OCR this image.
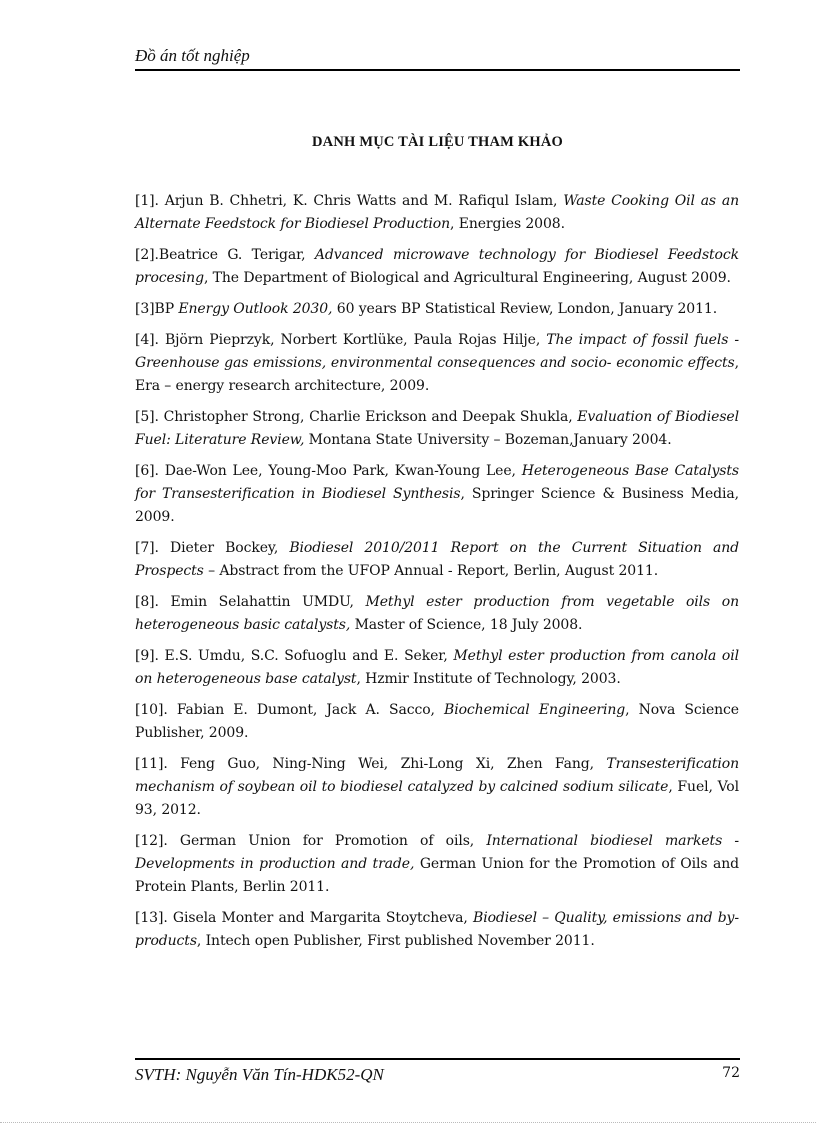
Đồ án tốt nghiệp
DANH MỤC TÀI LIỆU THAM KHẢO

[1]. Arjun B. Chhetri, K. Chris Watts and M. Rafiqul Islam, Waste Cooking Oil as an Alternate Feedstock for Biodiesel Production, Energies 2008.

[2].Beatrice G. Terigar, Advanced microwave technology for Biodiesel Feedstock procesing, The Department of Biological and Agricultural Engineering, August 2009.

[3]BP Energy Outlook 2030, 60 years BP Statistical Review, London, January 2011.

[4]. Björn Pieprzyk, Norbert Kortlüke, Paula Rojas Hilje, The impact of fossil fuels - Greenhouse gas emissions, environmental consequences and socio- economic effects, Era – energy research architecture, 2009.

[5]. Christopher Strong, Charlie Erickson and Deepak Shukla, Evaluation of Biodiesel Fuel: Literature Review, Montana State University – Bozeman,January 2004.

[6]. Dae-Won Lee, Young-Moo Park, Kwan-Young Lee, Heterogeneous Base Catalysts for Transesterification in Biodiesel Synthesis, Springer Science & Business Media, 2009.

[7]. Dieter Bockey, Biodiesel 2010/2011 Report on the Current Situation and Prospects – Abstract from the UFOP Annual - Report, Berlin, August 2011.

[8]. Emin Selahattin UMDU, Methyl ester production from vegetable oils on heterogeneous basic catalysts, Master of Science, 18 July 2008.

[9]. E.S. Umdu, S.C. Sofuoglu and E. Seker, Methyl ester production from canola oil on heterogeneous base catalyst, Hzmir Institute of Technology, 2003.

[10]. Fabian E. Dumont, Jack A. Sacco, Biochemical Engineering, Nova Science Publisher, 2009.

[11]. Feng Guo, Ning-Ning Wei, Zhi-Long Xi, Zhen Fang, Transesterification mechanism of soybean oil to biodiesel catalyzed by calcined sodium silicate, Fuel, Vol 93, 2012.

[12]. German Union for Promotion of oils, International biodiesel markets - Developments in production and trade, German Union for the Promotion of Oils and Protein Plants, Berlin 2011.

[13]. Gisela Monter and Margarita Stoytcheva, Biodiesel – Quality, emissions and by-products, Intech open Publisher, First published November 2011.

SVTH: Nguyễn Văn Tín-HDK52-QN	72
